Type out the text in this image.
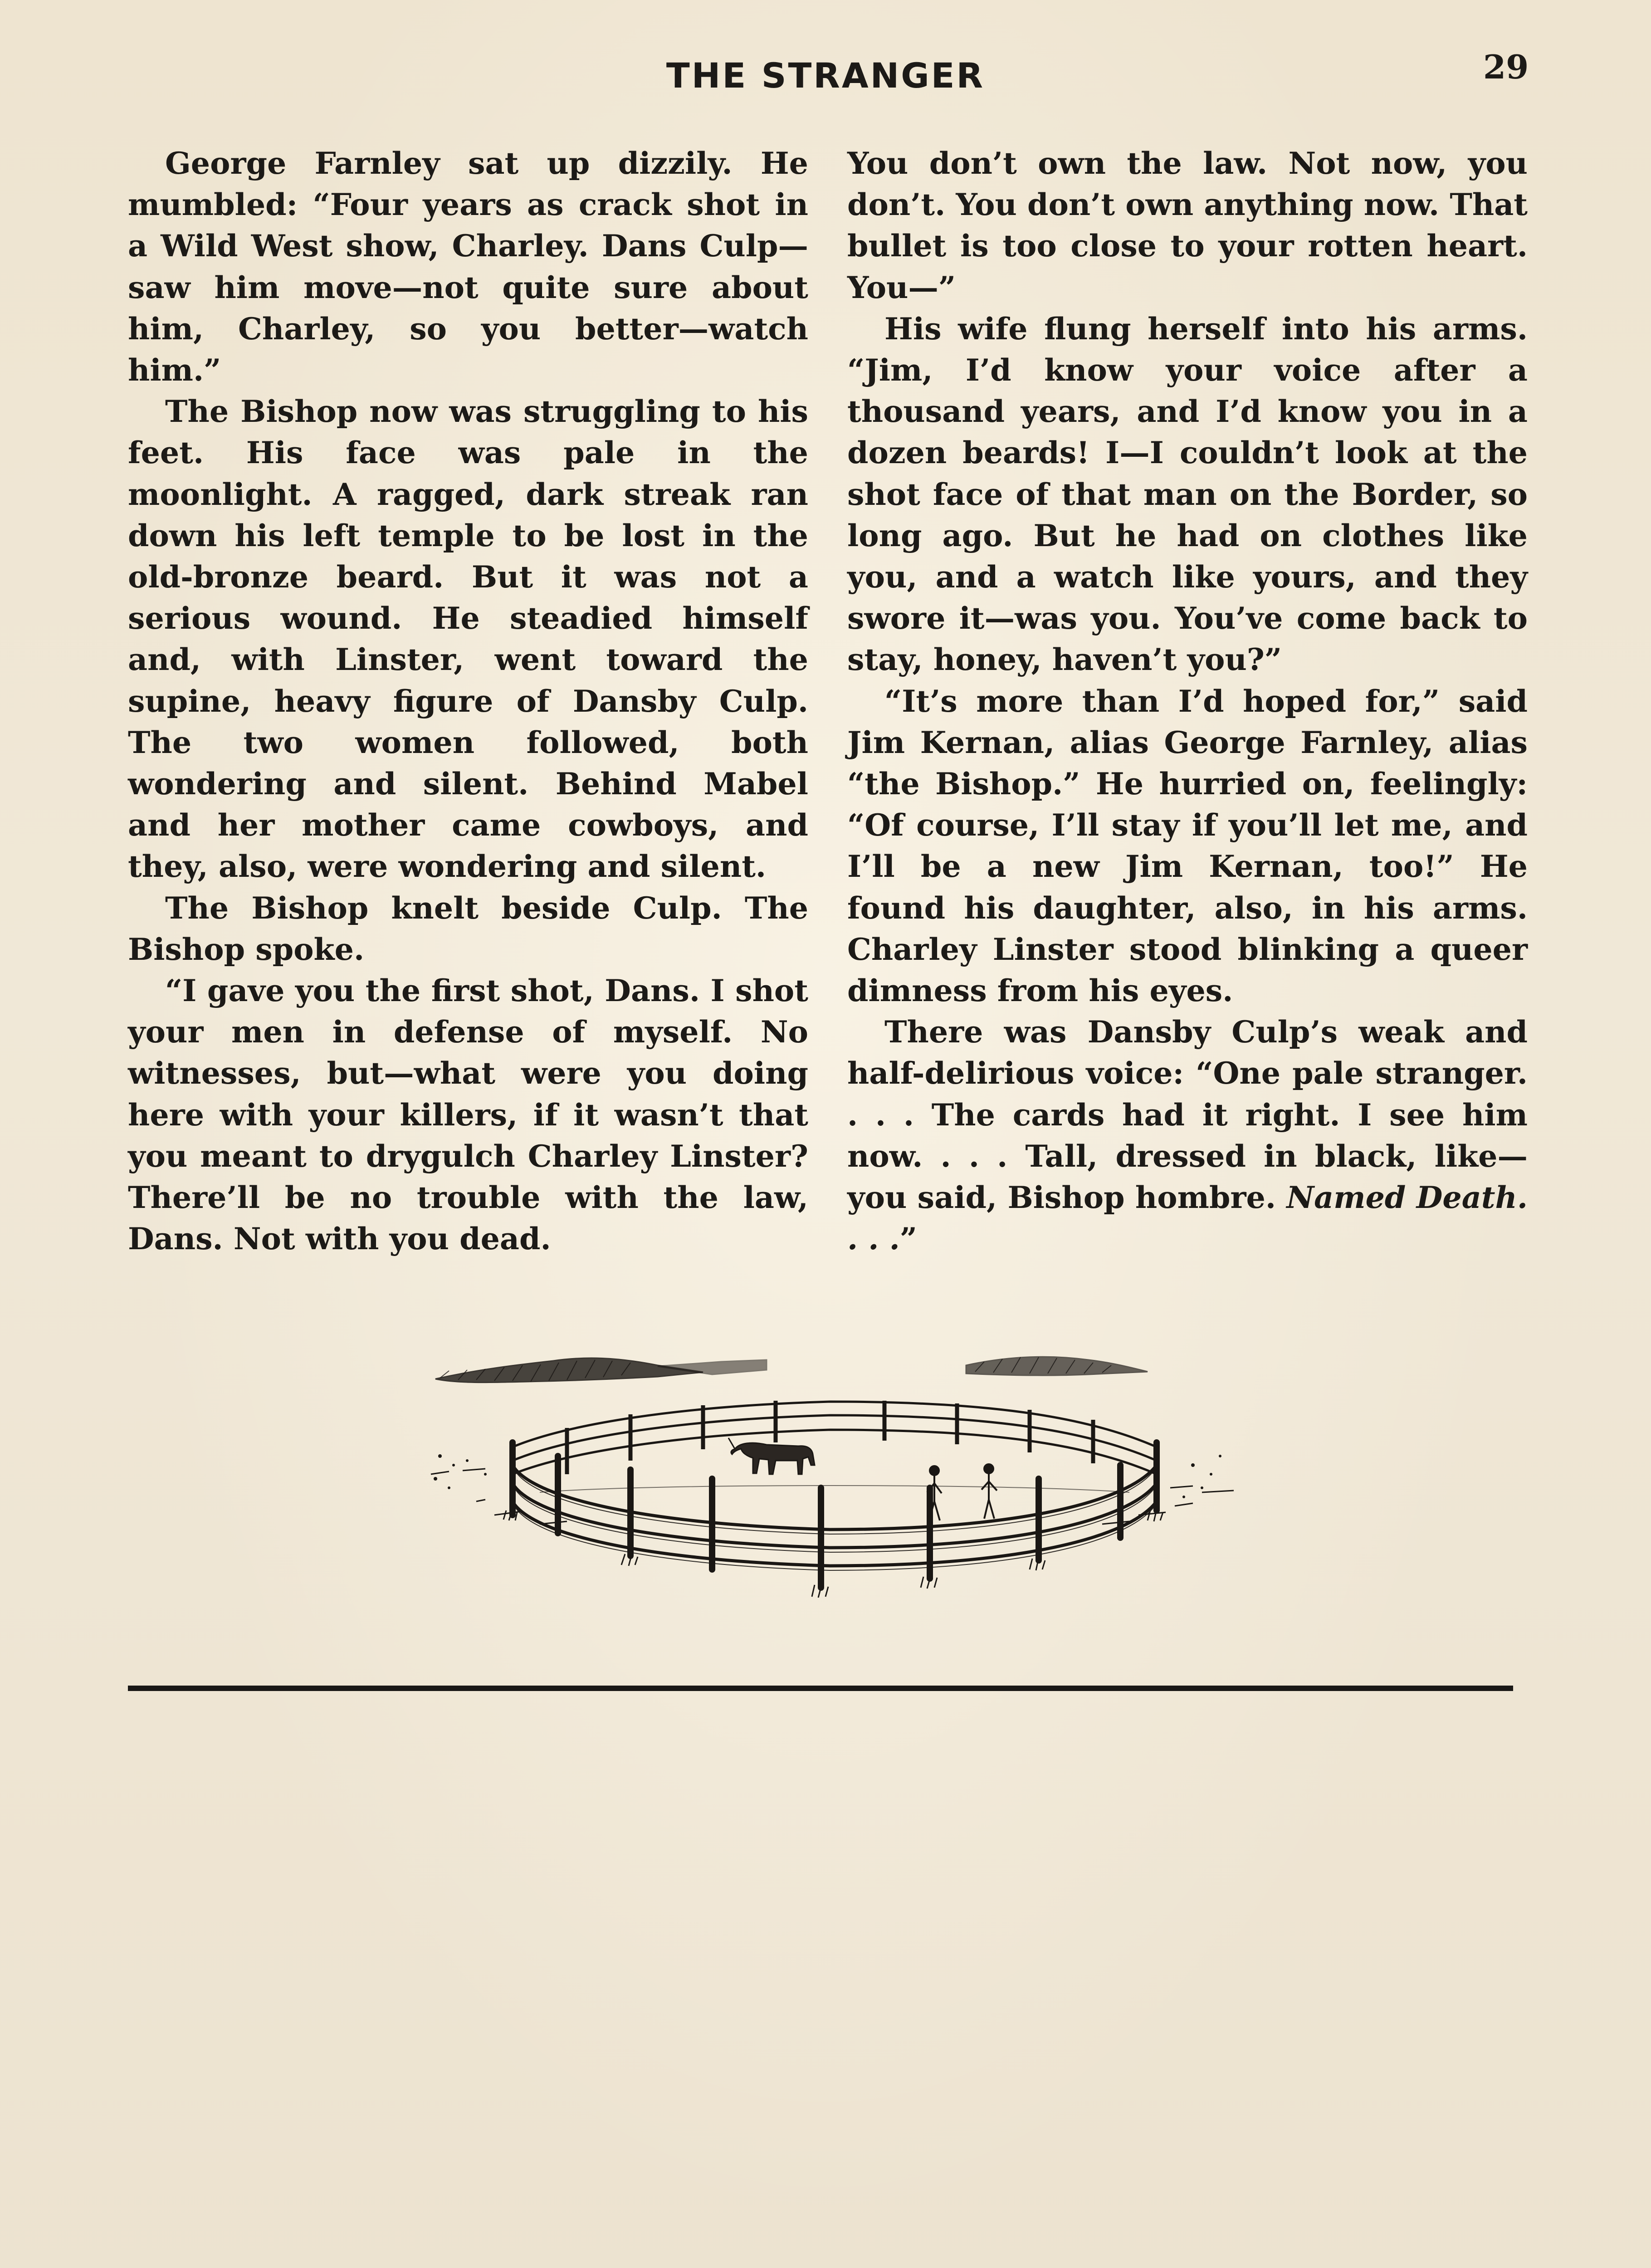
THE STRANGER	29

George Farnley sat up dizzily. He mumbled: “Four years as crack shot in a Wild West show, Charley. Dans Culp—saw him move—not quite sure about him, Charley, so you better—watch him.”

The Bishop now was struggling to his feet. His face was pale in the moonlight. A ragged, dark streak ran down his left temple to be lost in the old-bronze beard. But it was not a serious wound. He steadied himself and, with Linster, went toward the supine, heavy figure of Dansby Culp. The two women followed, both wondering and silent. Behind Mabel and her mother came cowboys, and they, also, were wondering and silent.

The Bishop knelt beside Culp. The Bishop spoke.

“I gave you the first shot, Dans. I shot your men in defense of myself. No witnesses, but—what were you doing here with your killers, if it wasn’t that you meant to drygulch Charley Linster? There’ll be no trouble with the law, Dans. Not with you dead.

You don’t own the law. Not now, you don’t. You don’t own anything now. That bullet is too close to your rotten heart. You—”

His wife flung herself into his arms. “Jim, I’d know your voice after a thousand years, and I’d know you in a dozen beards! I—I couldn’t look at the shot face of that man on the Border, so long ago. But he had on clothes like you, and a watch like yours, and they swore it—was you. You’ve come back to stay, honey, haven’t you?”

“It’s more than I’d hoped for,” said Jim Kernan, alias George Farnley, alias “the Bishop.” He hurried on, feelingly: “Of course, I’ll stay if you’ll let me, and I’ll be a new Jim Kernan, too!” He found his daughter, also, in his arms. Charley Linster stood blinking a queer dimness from his eyes.

There was Dansby Culp’s weak and half-delirious voice: “One pale stranger. . . . The cards had it right. I see him now. . . . Tall, dressed in black, like—you said, Bishop hombre. Named Death. . . .”
